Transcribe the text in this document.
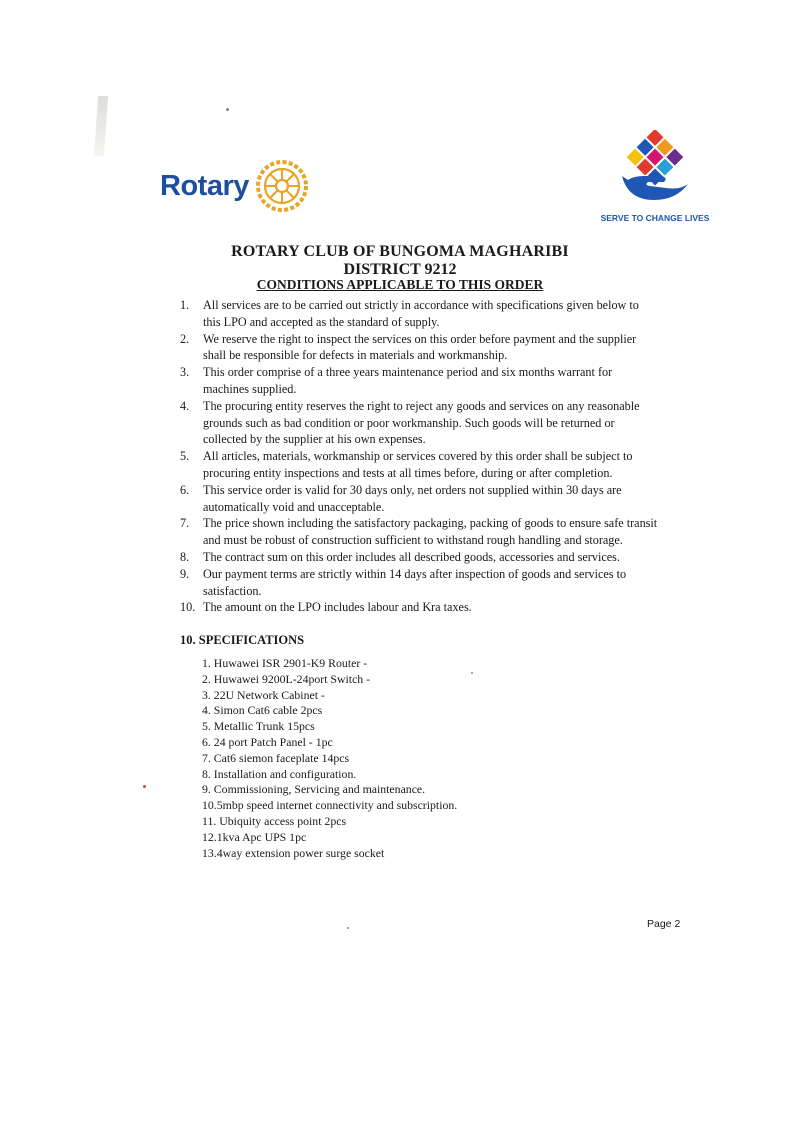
Rotary
SERVE TO CHANGE LIVES
ROTARY CLUB OF BUNGOMA MAGHARIBI
DISTRICT 9212
CONDITIONS APPLICABLE TO THIS ORDER
1. All services are to be carried out strictly in accordance with specifications given below to this LPO and accepted as the standard of supply.
2. We reserve the right to inspect the services on this order before payment and the supplier shall be responsible for defects in materials and workmanship.
3. This order comprise of a three years maintenance period and six months warrant for machines supplied.
4. The procuring entity reserves the right to reject any goods and services on any reasonable grounds such as bad condition or poor workmanship. Such goods will be returned or collected by the supplier at his own expenses.
5. All articles, materials, workmanship or services covered by this order shall be subject to procuring entity inspections and tests at all times before, during or after completion.
6. This service order is valid for 30 days only, net orders not supplied within 30 days are automatically void and unacceptable.
7. The price shown including the satisfactory packaging, packing of goods to ensure safe transit and must be robust of construction sufficient to withstand rough handling and storage.
8. The contract sum on this order includes all described goods, accessories and services.
9. Our payment terms are strictly within 14 days after inspection of goods and services to satisfaction.
10. The amount on the LPO includes labour and Kra taxes.
10. SPECIFICATIONS
1. Huwawei ISR 2901-K9 Router -
2. Huwawei 9200L-24port Switch -
3. 22U Network Cabinet -
4. Simon Cat6 cable 2pcs
5. Metallic Trunk 15pcs
6. 24 port Patch Panel - 1pc
7. Cat6 siemon faceplate 14pcs
8. Installation and configuration.
9. Commissioning, Servicing and maintenance.
10.5mbp speed internet connectivity and subscription.
11. Ubiquity access point 2pcs
12.1kva Apc UPS 1pc
13.4way extension power surge socket
Page 2
